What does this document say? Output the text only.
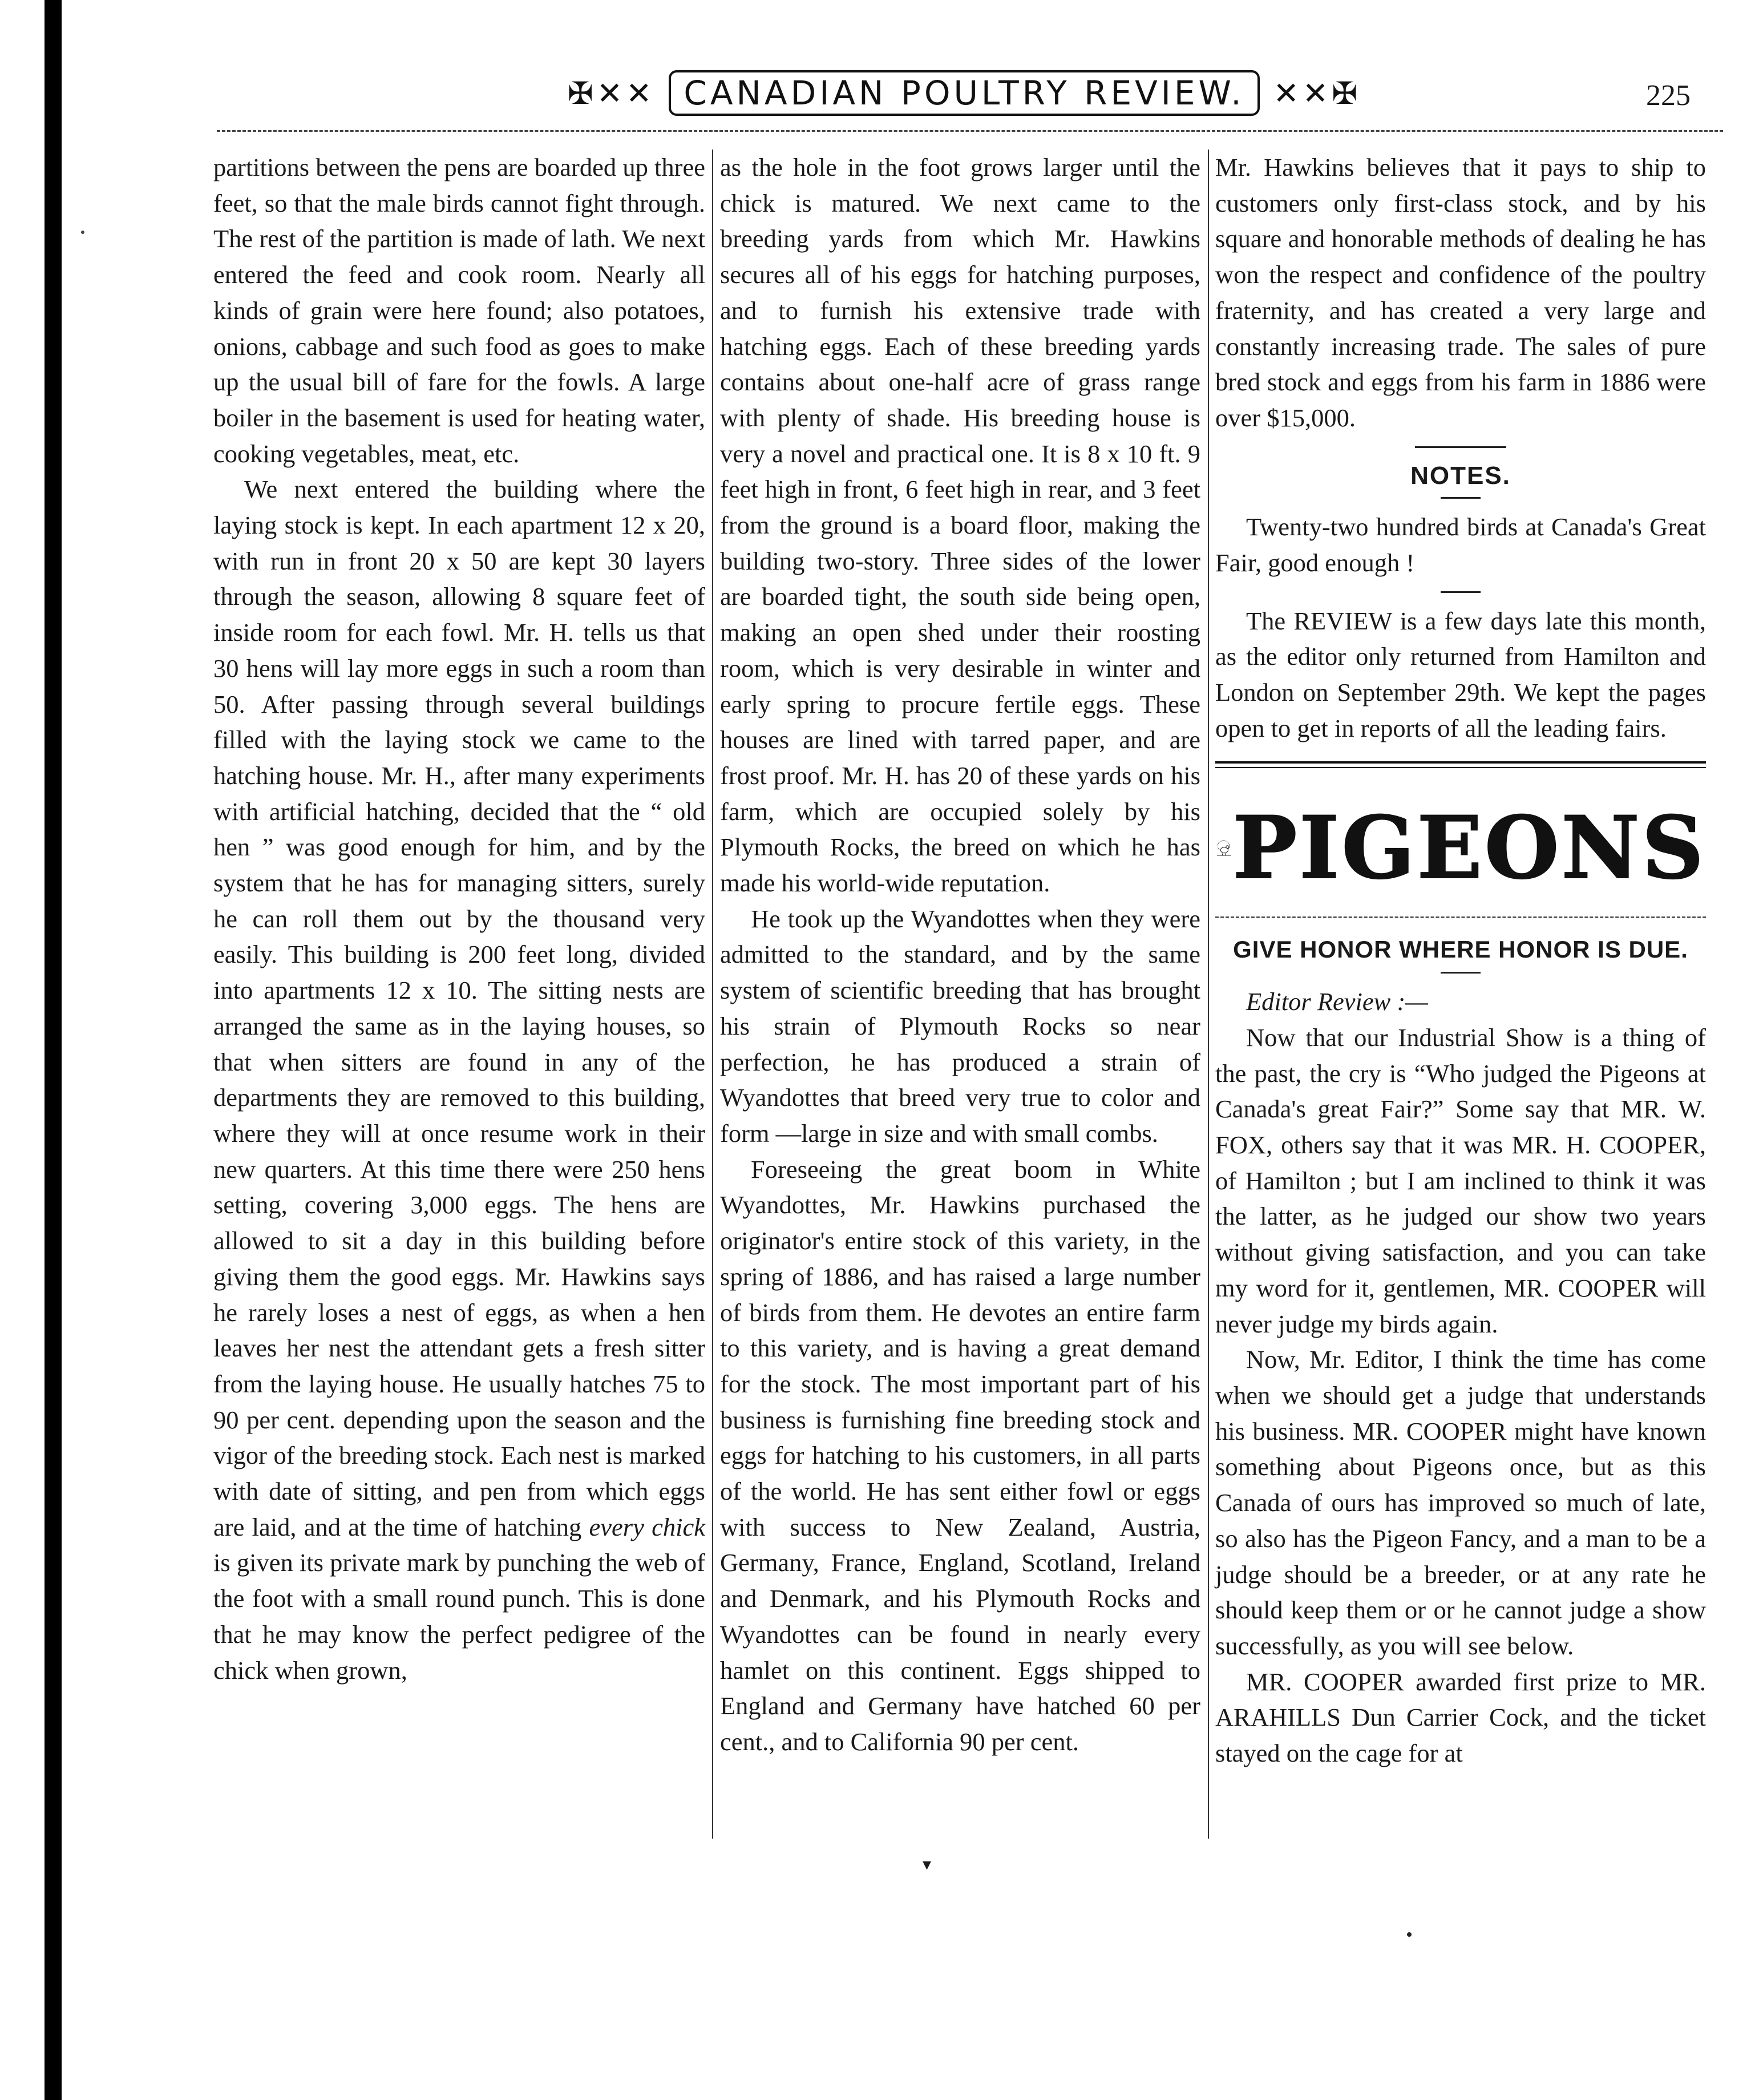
✠✕✕ CANADIAN POULTRY REVIEW. ✕✕✠	225

partitions between the pens are boarded up three feet, so that the male birds cannot fight through. The rest of the partition is made of lath. We next entered the feed and cook room. Nearly all kinds of grain were here found; also potatoes, onions, cabbage and such food as goes to make up the usual bill of fare for the fowls. A large boiler in the basement is used for heating water, cooking vegetables, meat, etc.

We next entered the building where the laying stock is kept. In each apartment 12 x 20, with run in front 20 x 50 are kept 30 layers through the season, allowing 8 square feet of inside room for each fowl. Mr. H. tells us that 30 hens will lay more eggs in such a room than 50. After passing through several buildings filled with the laying stock we came to the hatching house. Mr. H., after many experiments with artificial hatching, decided that the “ old hen ” was good enough for him, and by the system that he has for managing sitters, surely he can roll them out by the thousand very easily. This building is 200 feet long, divided into apartments 12 x 10. The sitting nests are arranged the same as in the laying houses, so that when sitters are found in any of the departments they are removed to this building, where they will at once resume work in their new quarters. At this time there were 250 hens setting, covering 3,000 eggs. The hens are allowed to sit a day in this building before giving them the good eggs. Mr. Hawkins says he rarely loses a nest of eggs, as when a hen leaves her nest the attendant gets a fresh sitter from the laying house. He usually hatches 75 to 90 per cent. depending upon the season and the vigor of the breeding stock. Each nest is marked with date of sitting, and pen from which eggs are laid, and at the time of hatching every chick is given its private mark by punching the web of the foot with a small round punch. This is done that he may know the perfect pedigree of the chick when grown,

as the hole in the foot grows larger until the chick is matured. We next came to the breeding yards from which Mr. Hawkins secures all of his eggs for hatching purposes, and to furnish his extensive trade with hatching eggs. Each of these breeding yards contains about one-half acre of grass range with plenty of shade. His breeding house is very a novel and practical one. It is 8 x 10 ft. 9 feet high in front, 6 feet high in rear, and 3 feet from the ground is a board floor, making the building two-story. Three sides of the lower are boarded tight, the south side being open, making an open shed under their roosting room, which is very desirable in winter and early spring to procure fertile eggs. These houses are lined with tarred paper, and are frost proof. Mr. H. has 20 of these yards on his farm, which are occupied solely by his Plymouth Rocks, the breed on which he has made his world-wide reputation.

He took up the Wyandottes when they were admitted to the standard, and by the same system of scientific breeding that has brought his strain of Plymouth Rocks so near perfection, he has produced a strain of Wyandottes that breed very true to color and form —large in size and with small combs.

Foreseeing the great boom in White Wyandottes, Mr. Hawkins purchased the originator's entire stock of this variety, in the spring of 1886, and has raised a large number of birds from them. He devotes an entire farm to this variety, and is having a great demand for the stock. The most important part of his business is furnishing fine breeding stock and eggs for hatching to his customers, in all parts of the world. He has sent either fowl or eggs with success to New Zealand, Austria, Germany, France, England, Scotland, Ireland and Denmark, and his Plymouth Rocks and Wyandottes can be found in nearly every hamlet on this continent. Eggs shipped to England and Germany have hatched 60 per cent., and to California 90 per cent.

Mr. Hawkins believes that it pays to ship to customers only first-class stock, and by his square and honorable methods of dealing he has won the respect and confidence of the poultry fraternity, and has created a very large and constantly increasing trade. The sales of pure bred stock and eggs from his farm in 1886 were over $15,000.

NOTES.

Twenty-two hundred birds at Canada's Great Fair, good enough !

The REVIEW is a few days late this month, as the editor only returned from Hamilton and London on September 29th. We kept the pages open to get in reports of all the leading fairs.

PIGEONS
GIVE HONOR WHERE HONOR IS DUE.

Editor Review :—

Now that our Industrial Show is a thing of the past, the cry is “Who judged the Pigeons at Canada's great Fair?” Some say that MR. W. FOX, others say that it was MR. H. COOPER, of Hamilton ; but I am inclined to think it was the latter, as he judged our show two years without giving satisfaction, and you can take my word for it, gentlemen, MR. COOPER will never judge my birds again.

Now, Mr. Editor, I think the time has come when we should get a judge that understands his business. MR. COOPER might have known something about Pigeons once, but as this Canada of ours has improved so much of late, so also has the Pigeon Fancy, and a man to be a judge should be a breeder, or at any rate he should keep them or or he cannot judge a show successfully, as you will see below.

MR. COOPER awarded first prize to MR. ARAHILLS Dun Carrier Cock, and the ticket stayed on the cage for at

▾
